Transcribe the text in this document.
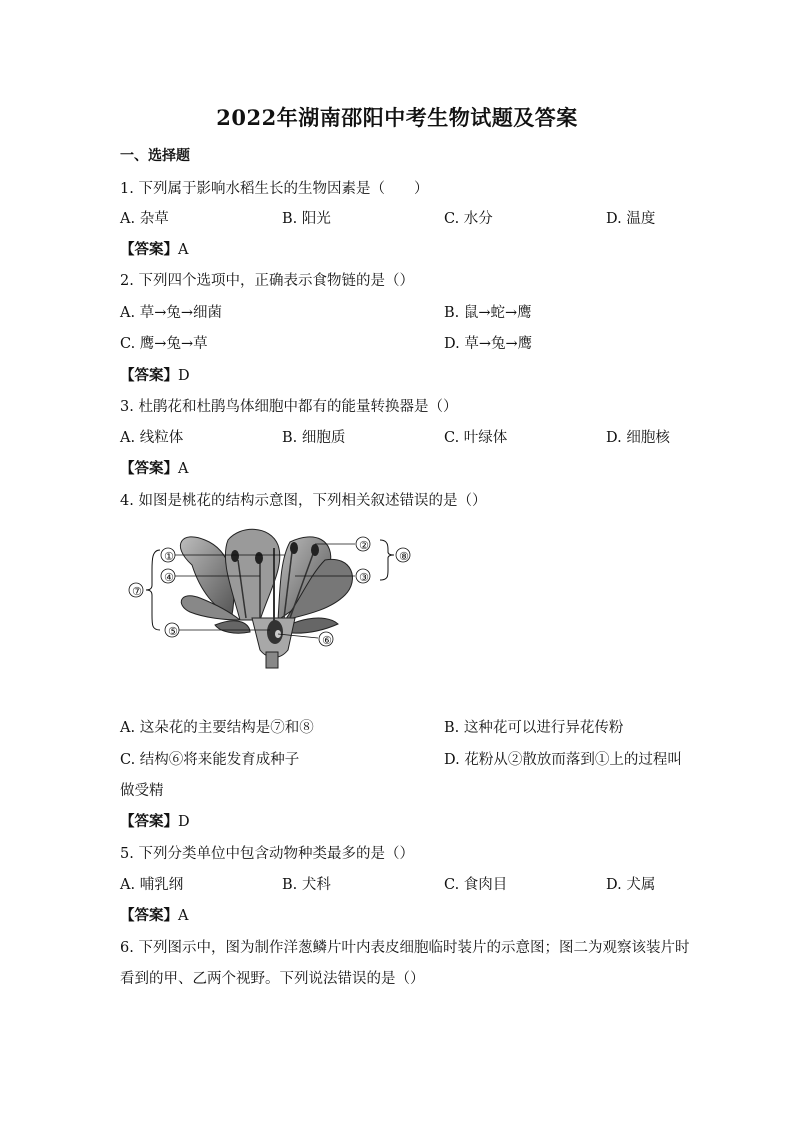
2022年湖南邵阳中考生物试题及答案
一、选择题
1. 下列属于影响水稻生长的生物因素是（　　）
A. 杂草	B. 阳光	C. 水分	D. 温度
【答案】A
2. 下列四个选项中，正确表示食物链的是（）
A. 草→兔→细菌	B. 鼠→蛇→鹰
C. 鹰→兔→草	D. 草→兔→鹰
【答案】D
3. 杜鹃花和杜鹃鸟体细胞中都有的能量转换器是（）
A. 线粒体	B. 细胞质	C. 叶绿体	D. 细胞核
【答案】A
4. 如图是桃花的结构示意图，下列相关叙述错误的是（）
①
②
③
④
⑤
⑥
⑦
⑧
A. 这朵花的主要结构是⑦和⑧	B. 这种花可以进行异花传粉
C. 结构⑥将来能发育成种子	D. 花粉从②散放而落到①上的过程叫
做受精
【答案】D
5. 下列分类单位中包含动物种类最多的是（）
A. 哺乳纲	B. 犬科	C. 食肉目	D. 犬属
【答案】A
6. 下列图示中，图为制作洋葱鳞片叶内表皮细胞临时装片的示意图；图二为观察该装片时
看到的甲、乙两个视野。下列说法错误的是（）
